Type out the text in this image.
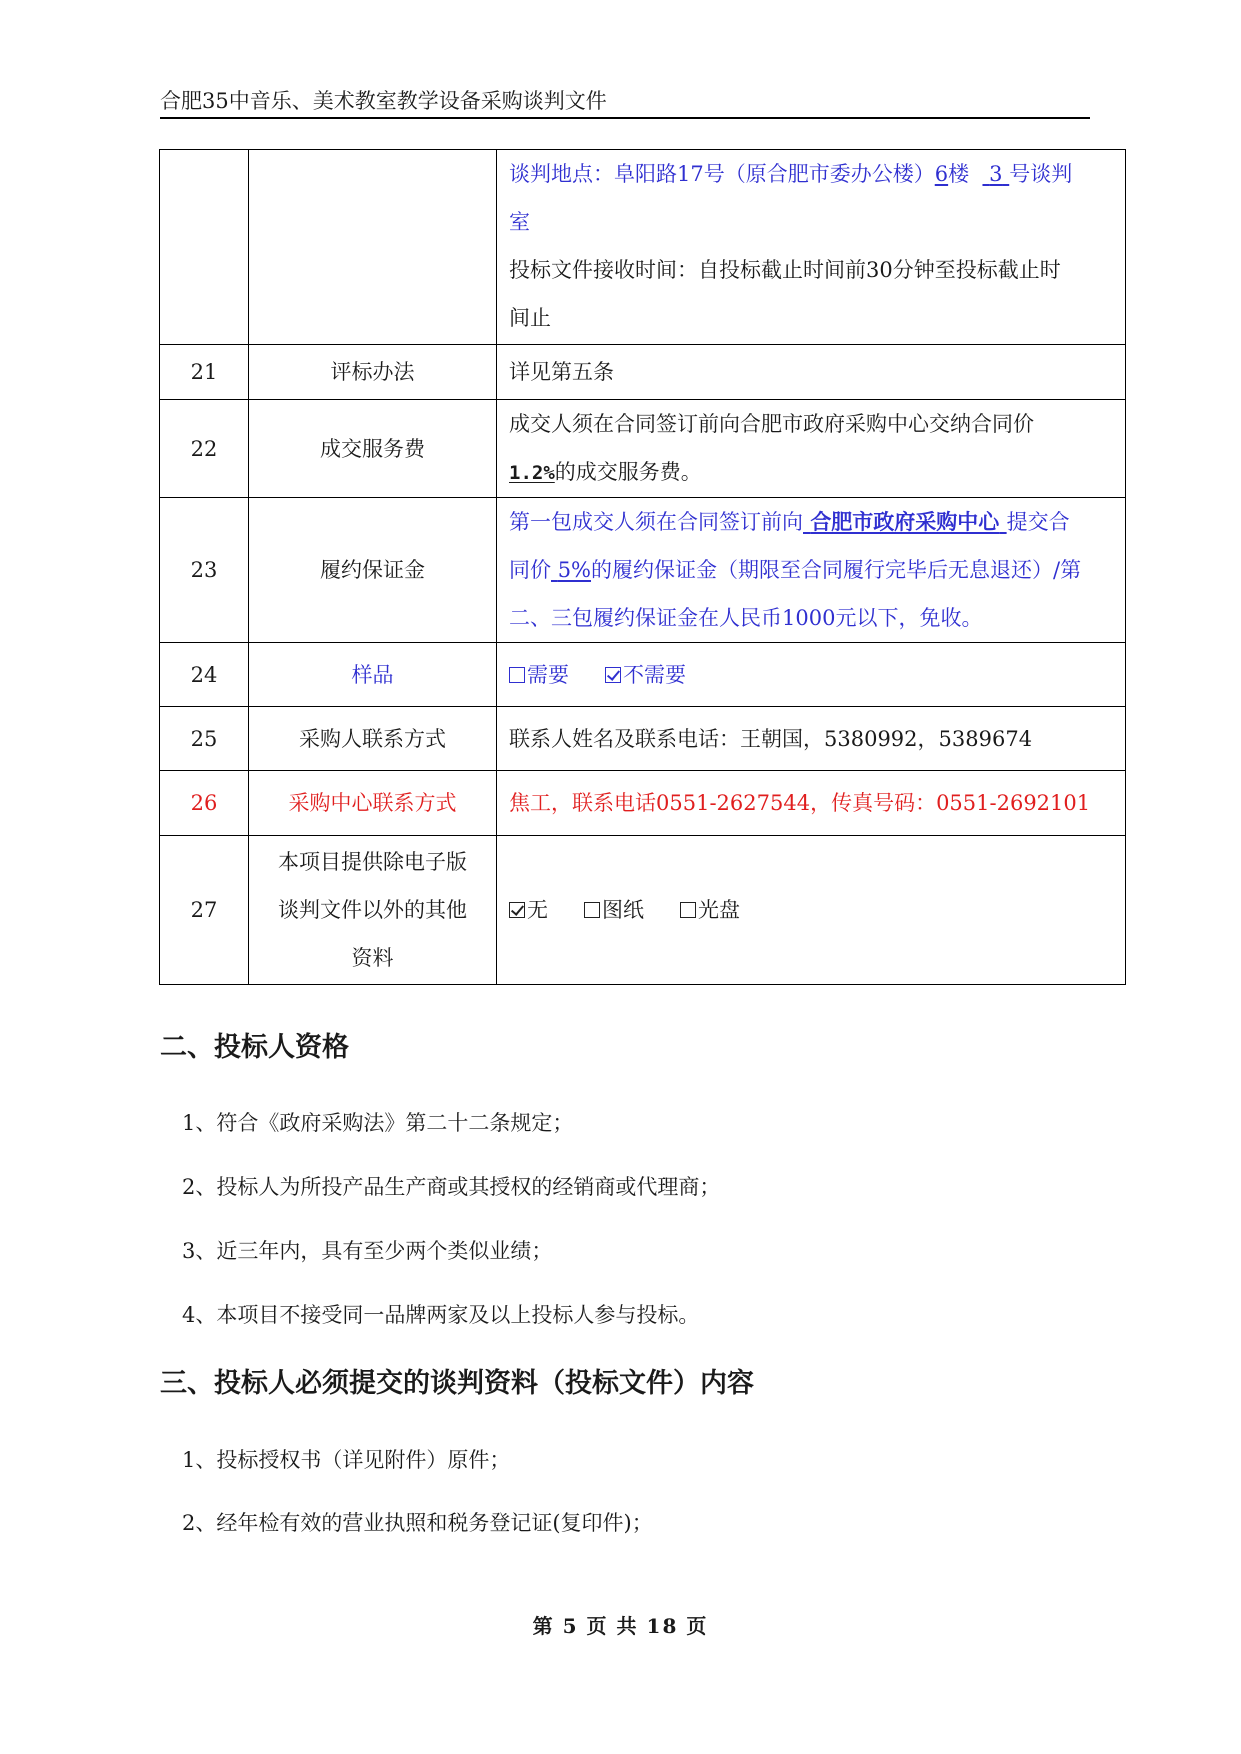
合肥35中音乐、美术教室教学设备采购谈判文件

		谈判地点：阜阳路17号（原合肥市委办公楼）6楼 3 号谈判
室
投标文件接收时间：自投标截止时间前30分钟至投标截止时
间止

21	评标办法	详见第五条
22	成交服务费	成交人须在合同签订前向合肥市政府采购中心交纳合同价
1.2%的成交服务费。

23	履约保证金	第一包成交人须在合同签订前向 合肥市政府采购中心 提交合
同价 5%的履约保证金（期限至合同履行完毕后无息退还）/第
二、三包履约保证金在人民币1000元以下，免收。

24	样品	需要 不需要
25	采购人联系方式	联系人姓名及联系电话：王朝国，5380992，5389674
26	采购中心联系方式	焦工，联系电话0551-2627544，传真号码：0551-2692101
27	本项目提供除电子版
谈判文件以外的其他
资料	无 图纸 光盘
二、投标人资格
1、符合《政府采购法》第二十二条规定；
2、投标人为所投产品生产商或其授权的经销商或代理商；
3、近三年内，具有至少两个类似业绩；
4、本项目不接受同一品牌两家及以上投标人参与投标。
三、投标人必须提交的谈判资料（投标文件）内容
1、投标授权书（详见附件）原件；
2、经年检有效的营业执照和税务登记证(复印件)；
第 5 页 共 18 页
